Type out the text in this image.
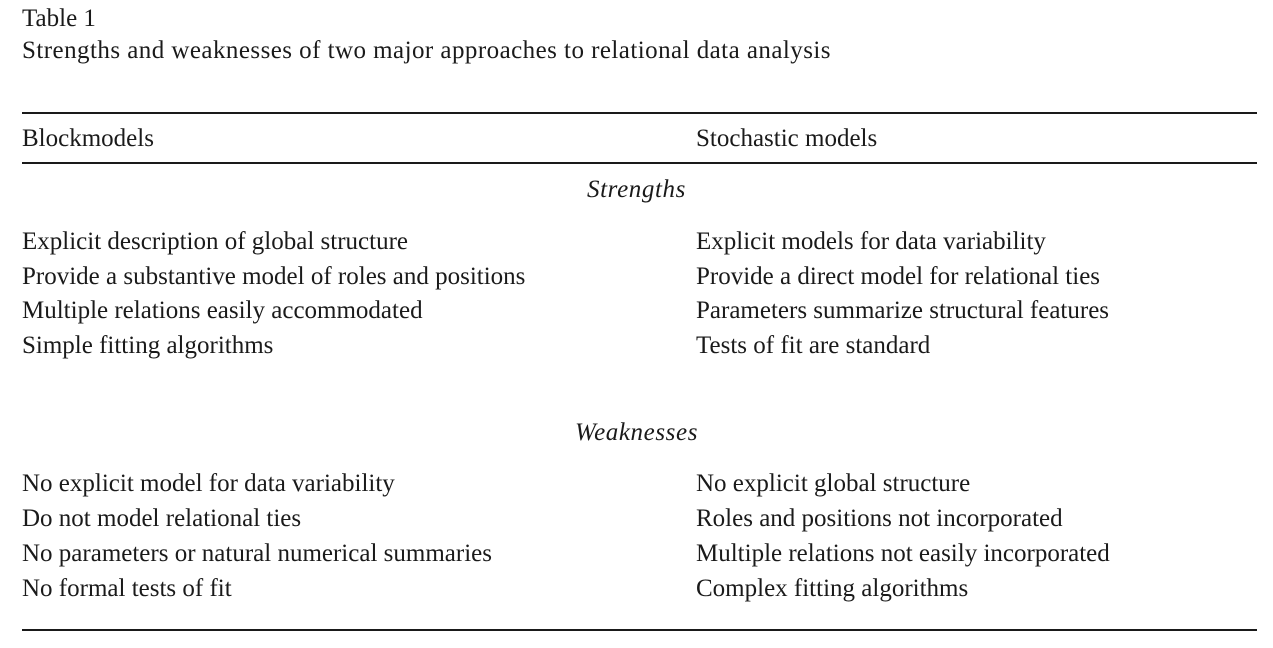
Table 1
Strengths and weaknesses of two major approaches to relational data analysis
Blockmodels	Stochastic models
Strengths
Explicit description of global structure	Explicit models for data variability
Provide a substantive model of roles and positions	Provide a direct model for relational ties
Multiple relations easily accommodated	Parameters summarize structural features
Simple fitting algorithms	Tests of fit are standard
Weaknesses
No explicit model for data variability	No explicit global structure
Do not model relational ties	Roles and positions not incorporated
No parameters or natural numerical summaries	Multiple relations not easily incorporated
No formal tests of fit	Complex fitting algorithms
